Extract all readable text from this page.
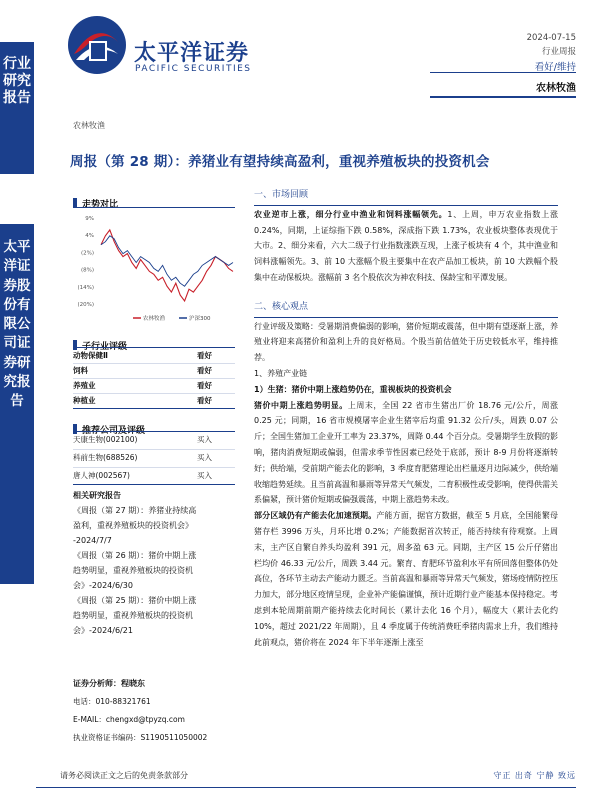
行业研究报告
太平洋证券股份有限公司证券研究报告
太平洋证券
PACIFIC SECURITIES
2024-07-15
行业周报
看好/维持
农林牧渔
农林牧渔
周报（第 28 期）：养猪业有望持续高盈利，重视养殖板块的投资机会
走势对比
9%
4%
(2%)
(8%)
(14%)
(20%)
农林牧渔	沪深300
子行业评级
动物保健Ⅱ	看好
饲料	看好
养殖业	看好
种植业	看好
推荐公司及评级
天康生物(002100)	买入
科前生物(688526)	买入
唐人神(002567)	买入
相关研究报告
《周报（第 27 期）：养猪业持续高
盈利，重视养殖板块的投资机会》
-2024/7/7
《周报（第 26 期）：猪价中期上涨
趋势明显，重视养殖板块的投资机
会》-2024/6/30
《周报（第 25 期）：猪价中期上涨
趋势明显，重视养殖板块的投资机
会》-2024/6/21
证券分析师：程晓东
电话：010-88321761
E-MAIL：chengxd@tpyzq.com
执业资格证书编码：S1190511050002

一、市场回顾

农业逆市上涨，细分行业中渔业和饲料涨幅领先。1、上周，申万农业指数上涨 0.24%，同期，上证综指下跌 0.58%，深成指下跌 1.73%，农业板块整体表现优于大市。2、细分来看，六大二级子行业指数涨跌互现，上涨子板块有 4 个，其中渔业和饲料涨幅领先。3、前 10 大涨幅个股主要集中在农产品加工板块，前 10 大跌幅个股集中在动保板块。涨幅前 3 名个股依次为神农科技、保龄宝和平潭发展。

二、核心观点

行业评级及策略：受暑期消费偏弱的影响，猪价短期或震荡，但中期有望逐渐上涨，养殖业将迎来高猪价和盈利上升的良好格局。个股当前估值处于历史较低水平，维持推荐。

1、养殖产业链

1）生猪：猪价中期上涨趋势仍在，重视板块的投资机会

猪价中期上涨趋势明显。上周末，全国 22 省市生猪出厂价 18.76 元/公斤，周涨 0.25 元；同期，16 省市规模屠宰企业生猪宰后均重 91.32 公斤/头，周跌 0.07 公斤；全国生猪加工企业开工率为 23.37%，周降 0.44 个百分点。受暑期学生放假的影响，猪肉消费短期或偏弱，但需求季节性因素已经处于底部，预计 8-9 月份将逐渐转好；供给端，受前期产能去化的影响，3 季度育肥猪理论出栏量逐月边际减少，供给端收缩趋势延续。且当前高温和暴雨等异常天气频发，二育积极性或受影响，使得供需关系偏紧，预计猪价短期或偏强震荡，中期上涨趋势未改。

部分区域仍有产能去化加速预期。产能方面，据官方数据，截至 5 月底，全国能繁母猪存栏 3996 万头，月环比增 0.2%；产能数据首次转正，能否持续有待观察。上周末，主产区自繁自养头均盈利 391 元，周多盈 63 元。同期，主产区 15 公斤仔猪出栏均价 46.33 元/公斤，周跌 3.44 元。繁育、育肥环节盈利水平有所回落但整体仍处高位，各环节主动去产能动力匮乏。当前高温和暴雨等异常天气频发，猪场疫情防控压力加大，部分地区疫情呈现，企业补产能偏谨慎，预计近期行业产能基本保持稳定。考虑到本轮周期前期产能持续去化时间长（累计去化 16 个月），幅度大（累计去化约 10%，超过 2021/22 年周期），且 4 季度属于传统消费旺季猪肉需求上升，我们维持此前观点，猪价将在 2024 年下半年逐渐上涨至

请务必阅读正文之后的免责条款部分	守正 出奇 宁静 致远
